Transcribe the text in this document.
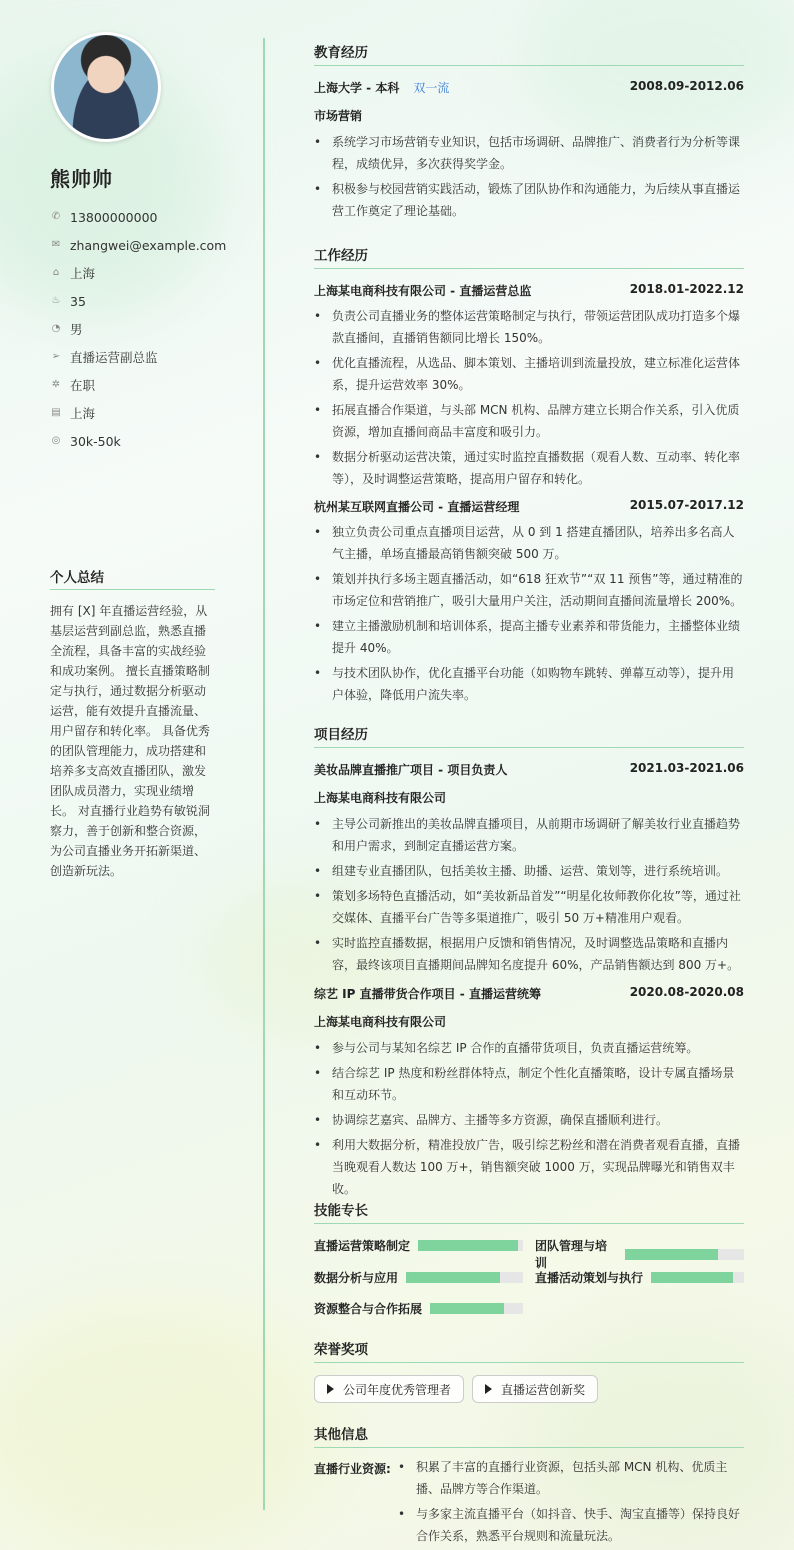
熊帅帅
✆ 13800000000
✉ zhangwei@example.com
⌂ 上海
♨ 35
◔ 男
➢ 直播运营副总监
✲ 在职
▤ 上海
◎ 30k-50k
个人总结
拥有 [X] 年直播运营经验，从基层运营到副总监，熟悉直播全流程，具备丰富的实战经验和成功案例。 擅长直播策略制定与执行，通过数据分析驱动运营，能有效提升直播流量、用户留存和转化率。 具备优秀的团队管理能力，成功搭建和培养多支高效直播团队，激发团队成员潜力，实现业绩增长。 对直播行业趋势有敏锐洞察力，善于创新和整合资源，为公司直播业务开拓新渠道、创造新玩法。
教育经历
上海大学 - 本科 双一流	2008.09-2012.06
市场营销
• 系统学习市场营销专业知识，包括市场调研、品牌推广、消费者行为分析等课程，成绩优异，多次获得奖学金。
• 积极参与校园营销实践活动，锻炼了团队协作和沟通能力，为后续从事直播运营工作奠定了理论基础。
工作经历
上海某电商科技有限公司 - 直播运营总监	2018.01-2022.12
• 负责公司直播业务的整体运营策略制定与执行，带领运营团队成功打造多个爆款直播间，直播销售额同比增长 150%。
• 优化直播流程，从选品、脚本策划、主播培训到流量投放，建立标准化运营体系，提升运营效率 30%。
• 拓展直播合作渠道，与头部 MCN 机构、品牌方建立长期合作关系，引入优质资源，增加直播间商品丰富度和吸引力。
• 数据分析驱动运营决策，通过实时监控直播数据（观看人数、互动率、转化率等），及时调整运营策略，提高用户留存和转化。
杭州某互联网直播公司 - 直播运营经理	2015.07-2017.12
• 独立负责公司重点直播项目运营，从 0 到 1 搭建直播团队，培养出多名高人气主播，单场直播最高销售额突破 500 万。
• 策划并执行多场主题直播活动，如“618 狂欢节”“双 11 预售”等，通过精准的市场定位和营销推广，吸引大量用户关注，活动期间直播间流量增长 200%。
• 建立主播激励机制和培训体系，提高主播专业素养和带货能力，主播整体业绩提升 40%。
• 与技术团队协作，优化直播平台功能（如购物车跳转、弹幕互动等），提升用户体验，降低用户流失率。
项目经历
美妆品牌直播推广项目 - 项目负责人	2021.03-2021.06
上海某电商科技有限公司
• 主导公司新推出的美妆品牌直播项目，从前期市场调研了解美妆行业直播趋势和用户需求，到制定直播运营方案。
• 组建专业直播团队，包括美妆主播、助播、运营、策划等，进行系统培训。
• 策划多场特色直播活动，如“美妆新品首发”“明星化妆师教你化妆”等，通过社交媒体、直播平台广告等多渠道推广，吸引 50 万+精准用户观看。
• 实时监控直播数据，根据用户反馈和销售情况，及时调整选品策略和直播内容，最终该项目直播期间品牌知名度提升 60%，产品销售额达到 800 万+。
综艺 IP 直播带货合作项目 - 直播运营统筹	2020.08-2020.08
上海某电商科技有限公司
• 参与公司与某知名综艺 IP 合作的直播带货项目，负责直播运营统筹。
• 结合综艺 IP 热度和粉丝群体特点，制定个性化直播策略，设计专属直播场景和互动环节。
• 协调综艺嘉宾、品牌方、主播等多方资源，确保直播顺利进行。
• 利用大数据分析，精准投放广告，吸引综艺粉丝和潜在消费者观看直播，直播当晚观看人数达 100 万+，销售额突破 1000 万，实现品牌曝光和销售双丰收。
技能专长
直播运营策略制定	团队管理与培训
数据分析与应用	直播活动策划与执行
资源整合与合作拓展
荣誉奖项
公司年度优秀管理者	直播运营创新奖
其他信息
直播行业资源:
•	积累了丰富的直播行业资源，包括头部 MCN 机构、优质主播、品牌方等合作渠道。
• 与多家主流直播平台（如抖音、快手、淘宝直播等）保持良好合作关系，熟悉平台规则和流量玩法。
